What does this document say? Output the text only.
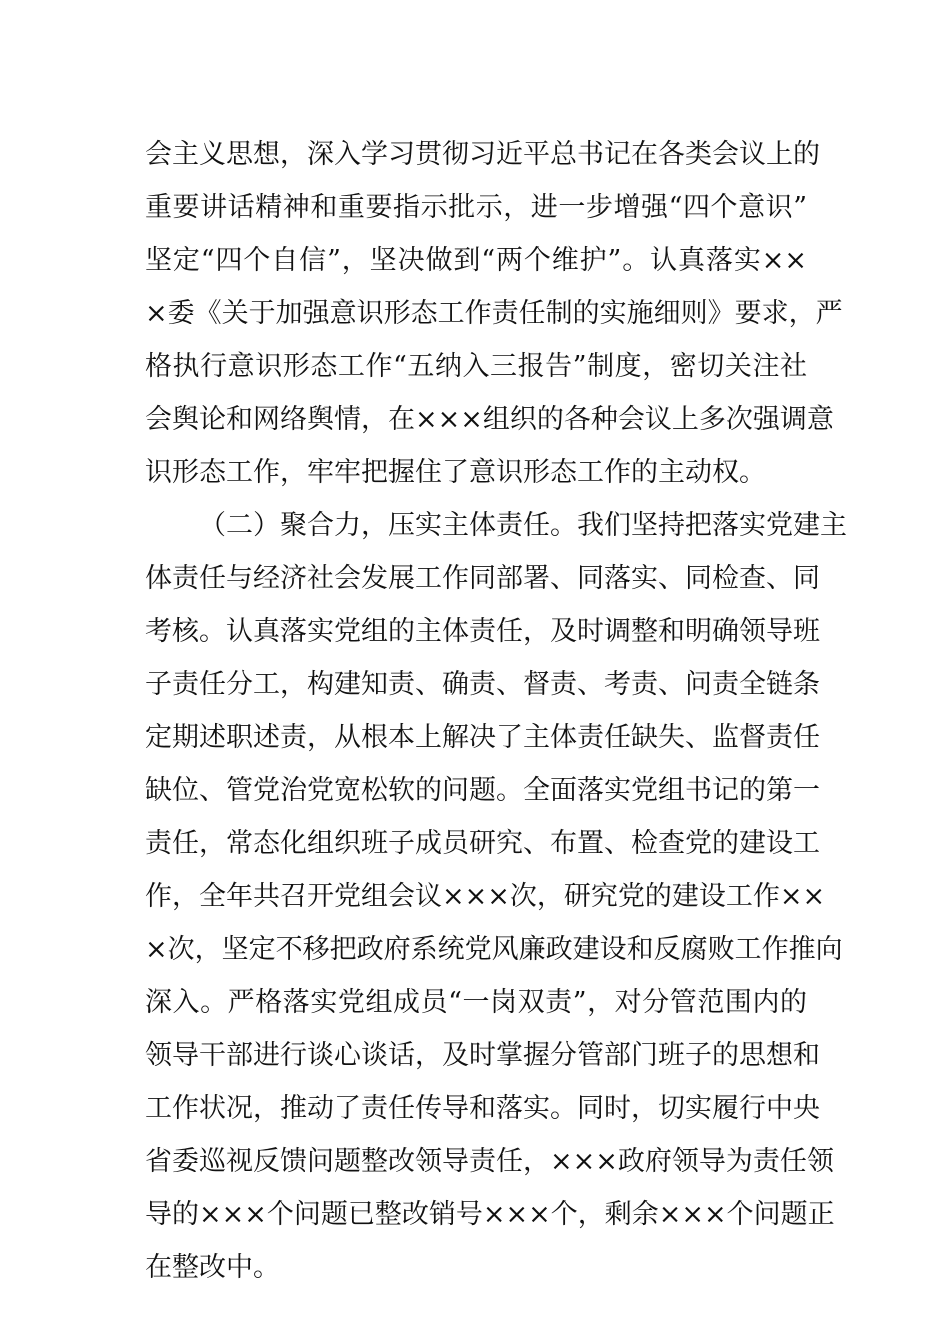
会主义思想，深入学习贯彻习近平总书记在各类会议上的
重要讲话精神和重要指示批示，进一步增强“四个意识”
坚定“四个自信”，坚决做到“两个维护”。认真落实××
×委《关于加强意识形态工作责任制的实施细则》要求，严
格执行意识形态工作“五纳入三报告”制度，密切关注社
会舆论和网络舆情，在×××组织的各种会议上多次强调意
识形态工作，牢牢把握住了意识形态工作的主动权。
（二）聚合力，压实主体责任。我们坚持把落实党建主
体责任与经济社会发展工作同部署、同落实、同检查、同
考核。认真落实党组的主体责任，及时调整和明确领导班
子责任分工，构建知责、确责、督责、考责、问责全链条
定期述职述责，从根本上解决了主体责任缺失、监督责任
缺位、管党治党宽松软的问题。全面落实党组书记的第一
责任，常态化组织班子成员研究、布置、检查党的建设工
作，全年共召开党组会议×××次，研究党的建设工作××
×次，坚定不移把政府系统党风廉政建设和反腐败工作推向
深入。严格落实党组成员“一岗双责”，对分管范围内的
领导干部进行谈心谈话，及时掌握分管部门班子的思想和
工作状况，推动了责任传导和落实。同时，切实履行中央
省委巡视反馈问题整改领导责任，×××政府领导为责任领
导的×××个问题已整改销号×××个，剩余×××个问题正
在整改中。
